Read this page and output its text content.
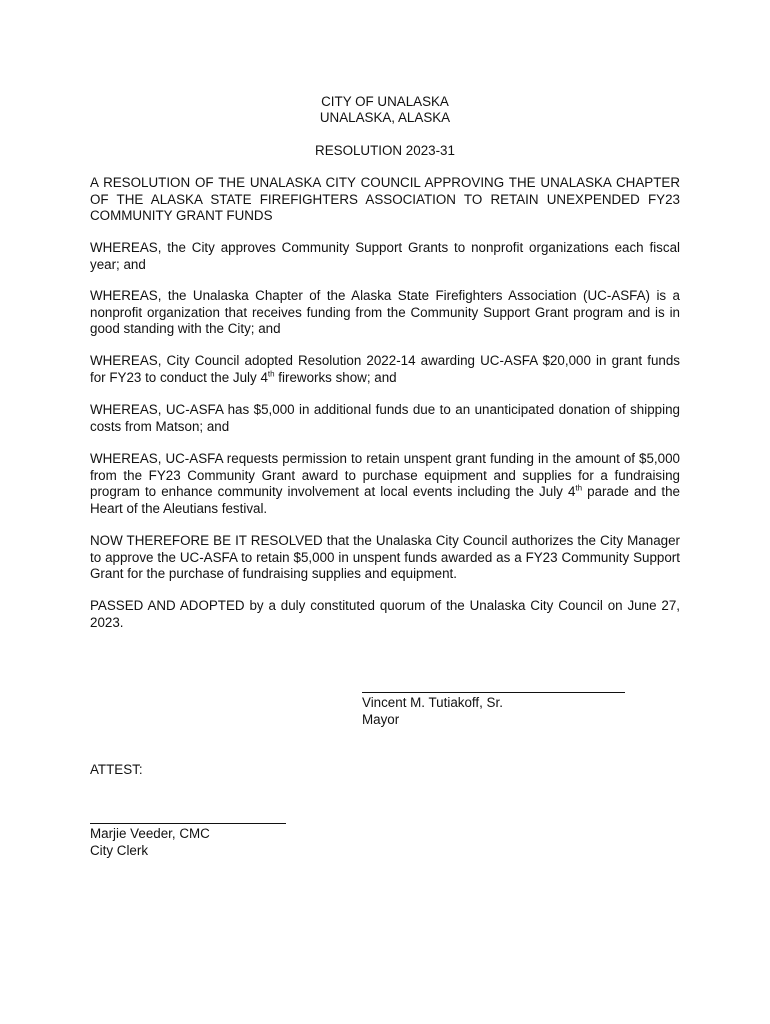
CITY OF UNALASKA
UNALASKA, ALASKA
RESOLUTION 2023-31

A RESOLUTION OF THE UNALASKA CITY COUNCIL APPROVING THE UNALASKA CHAPTER OF THE ALASKA STATE FIREFIGHTERS ASSOCIATION TO RETAIN UNEXPENDED FY23 COMMUNITY GRANT FUNDS

WHEREAS, the City approves Community Support Grants to nonprofit organizations each fiscal year; and

WHEREAS, the Unalaska Chapter of the Alaska State Firefighters Association (UC-ASFA) is a nonprofit organization that receives funding from the Community Support Grant program and is in good standing with the City; and

WHEREAS, City Council adopted Resolution 2022-14 awarding UC-ASFA $20,000 in grant funds for FY23 to conduct the July 4th fireworks show; and

WHEREAS, UC-ASFA has $5,000 in additional funds due to an unanticipated donation of shipping costs from Matson; and

WHEREAS, UC-ASFA requests permission to retain unspent grant funding in the amount of $5,000 from the FY23 Community Grant award to purchase equipment and supplies for a fundraising program to enhance community involvement at local events including the July 4th parade and the Heart of the Aleutians festival.

NOW THEREFORE BE IT RESOLVED that the Unalaska City Council authorizes the City Manager to approve the UC-ASFA to retain $5,000 in unspent funds awarded as a FY23 Community Support Grant for the purchase of fundraising supplies and equipment.

PASSED AND ADOPTED by a duly constituted quorum of the Unalaska City Council on June 27, 2023.

Vincent M. Tutiakoff, Sr.
Mayor
ATTEST:
Marjie Veeder, CMC
City Clerk
